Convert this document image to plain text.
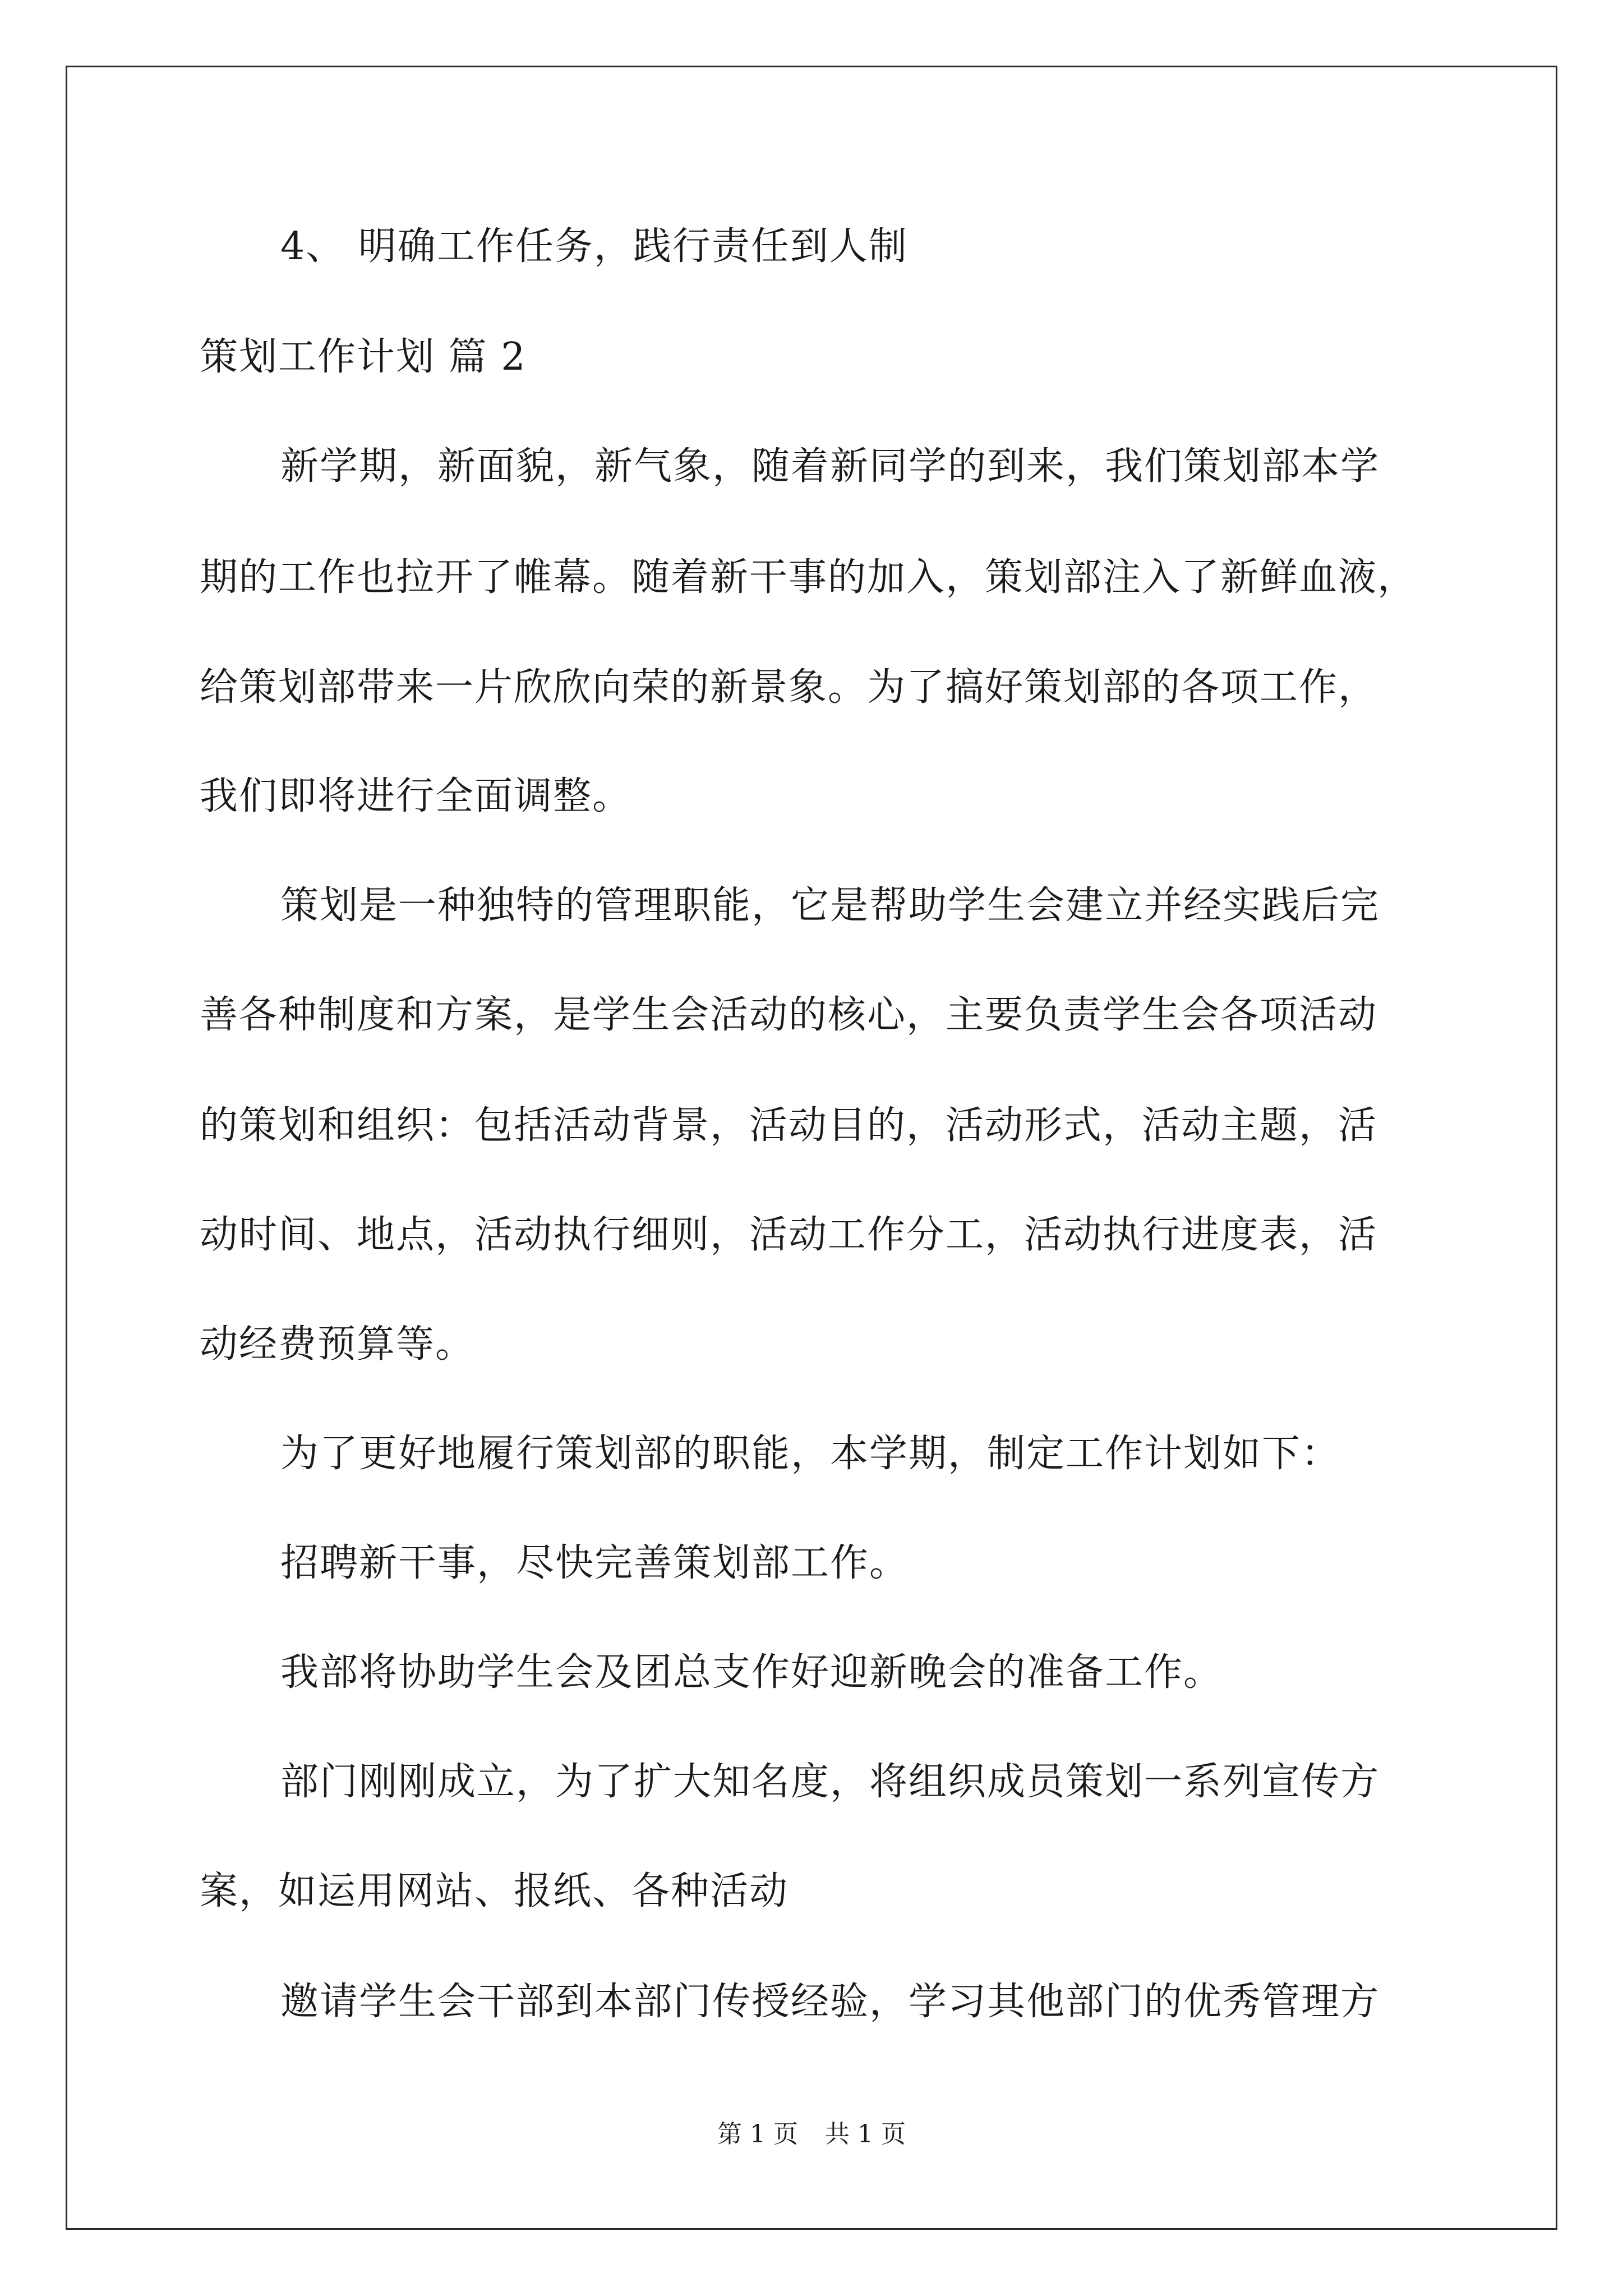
4、 明确工作任务，践行责任到人制
策划工作计划 篇 2
新学期，新面貌，新气象，随着新同学的到来，我们策划部本学
期的工作也拉开了帷幕。随着新干事的加入，策划部注入了新鲜血液，
给策划部带来一片欣欣向荣的新景象。为了搞好策划部的各项工作，
我们即将进行全面调整。
策划是一种独特的管理职能，它是帮助学生会建立并经实践后完
善各种制度和方案，是学生会活动的核心，主要负责学生会各项活动
的策划和组织：包括活动背景，活动目的，活动形式，活动主题，活
动时间、地点，活动执行细则，活动工作分工，活动执行进度表，活
动经费预算等。
为了更好地履行策划部的职能，本学期，制定工作计划如下：
招聘新干事，尽快完善策划部工作。
我部将协助学生会及团总支作好迎新晚会的准备工作。
部门刚刚成立，为了扩大知名度，将组织成员策划一系列宣传方
案，如运用网站、报纸、各种活动
邀请学生会干部到本部门传授经验，学习其他部门的优秀管理方
第 1 页 共 1 页
